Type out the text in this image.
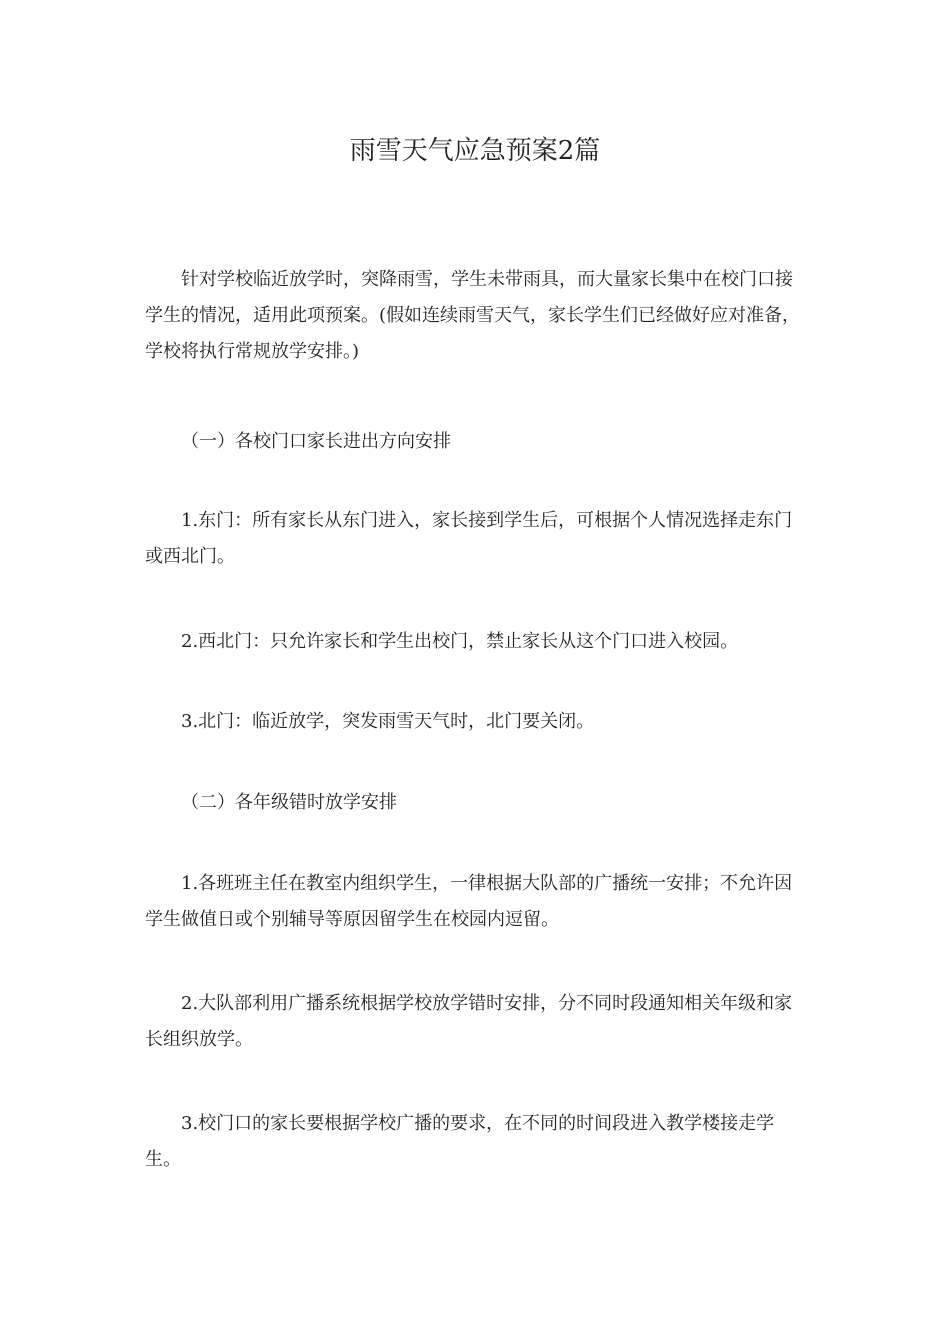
雨雪天气应急预案2篇

针对学校临近放学时，突降雨雪，学生未带雨具，而大量家长集中在校门口接学生的情况，适用此项预案。(假如连续雨雪天气，家长学生们已经做好应对准备，学校将执行常规放学安排。)

（一）各校门口家长进出方向安排

1.东门：所有家长从东门进入，家长接到学生后，可根据个人情况选择走东门或西北门。

2.西北门：只允许家长和学生出校门，禁止家长从这个门口进入校园。

3.北门：临近放学，突发雨雪天气时，北门要关闭。

（二）各年级错时放学安排

1.各班班主任在教室内组织学生，一律根据大队部的广播统一安排；不允许因学生做值日或个别辅导等原因留学生在校园内逗留。

2.大队部利用广播系统根据学校放学错时安排，分不同时段通知相关年级和家长组织放学。

3.校门口的家长要根据学校广播的要求，在不同的时间段进入教学楼接走学生。
